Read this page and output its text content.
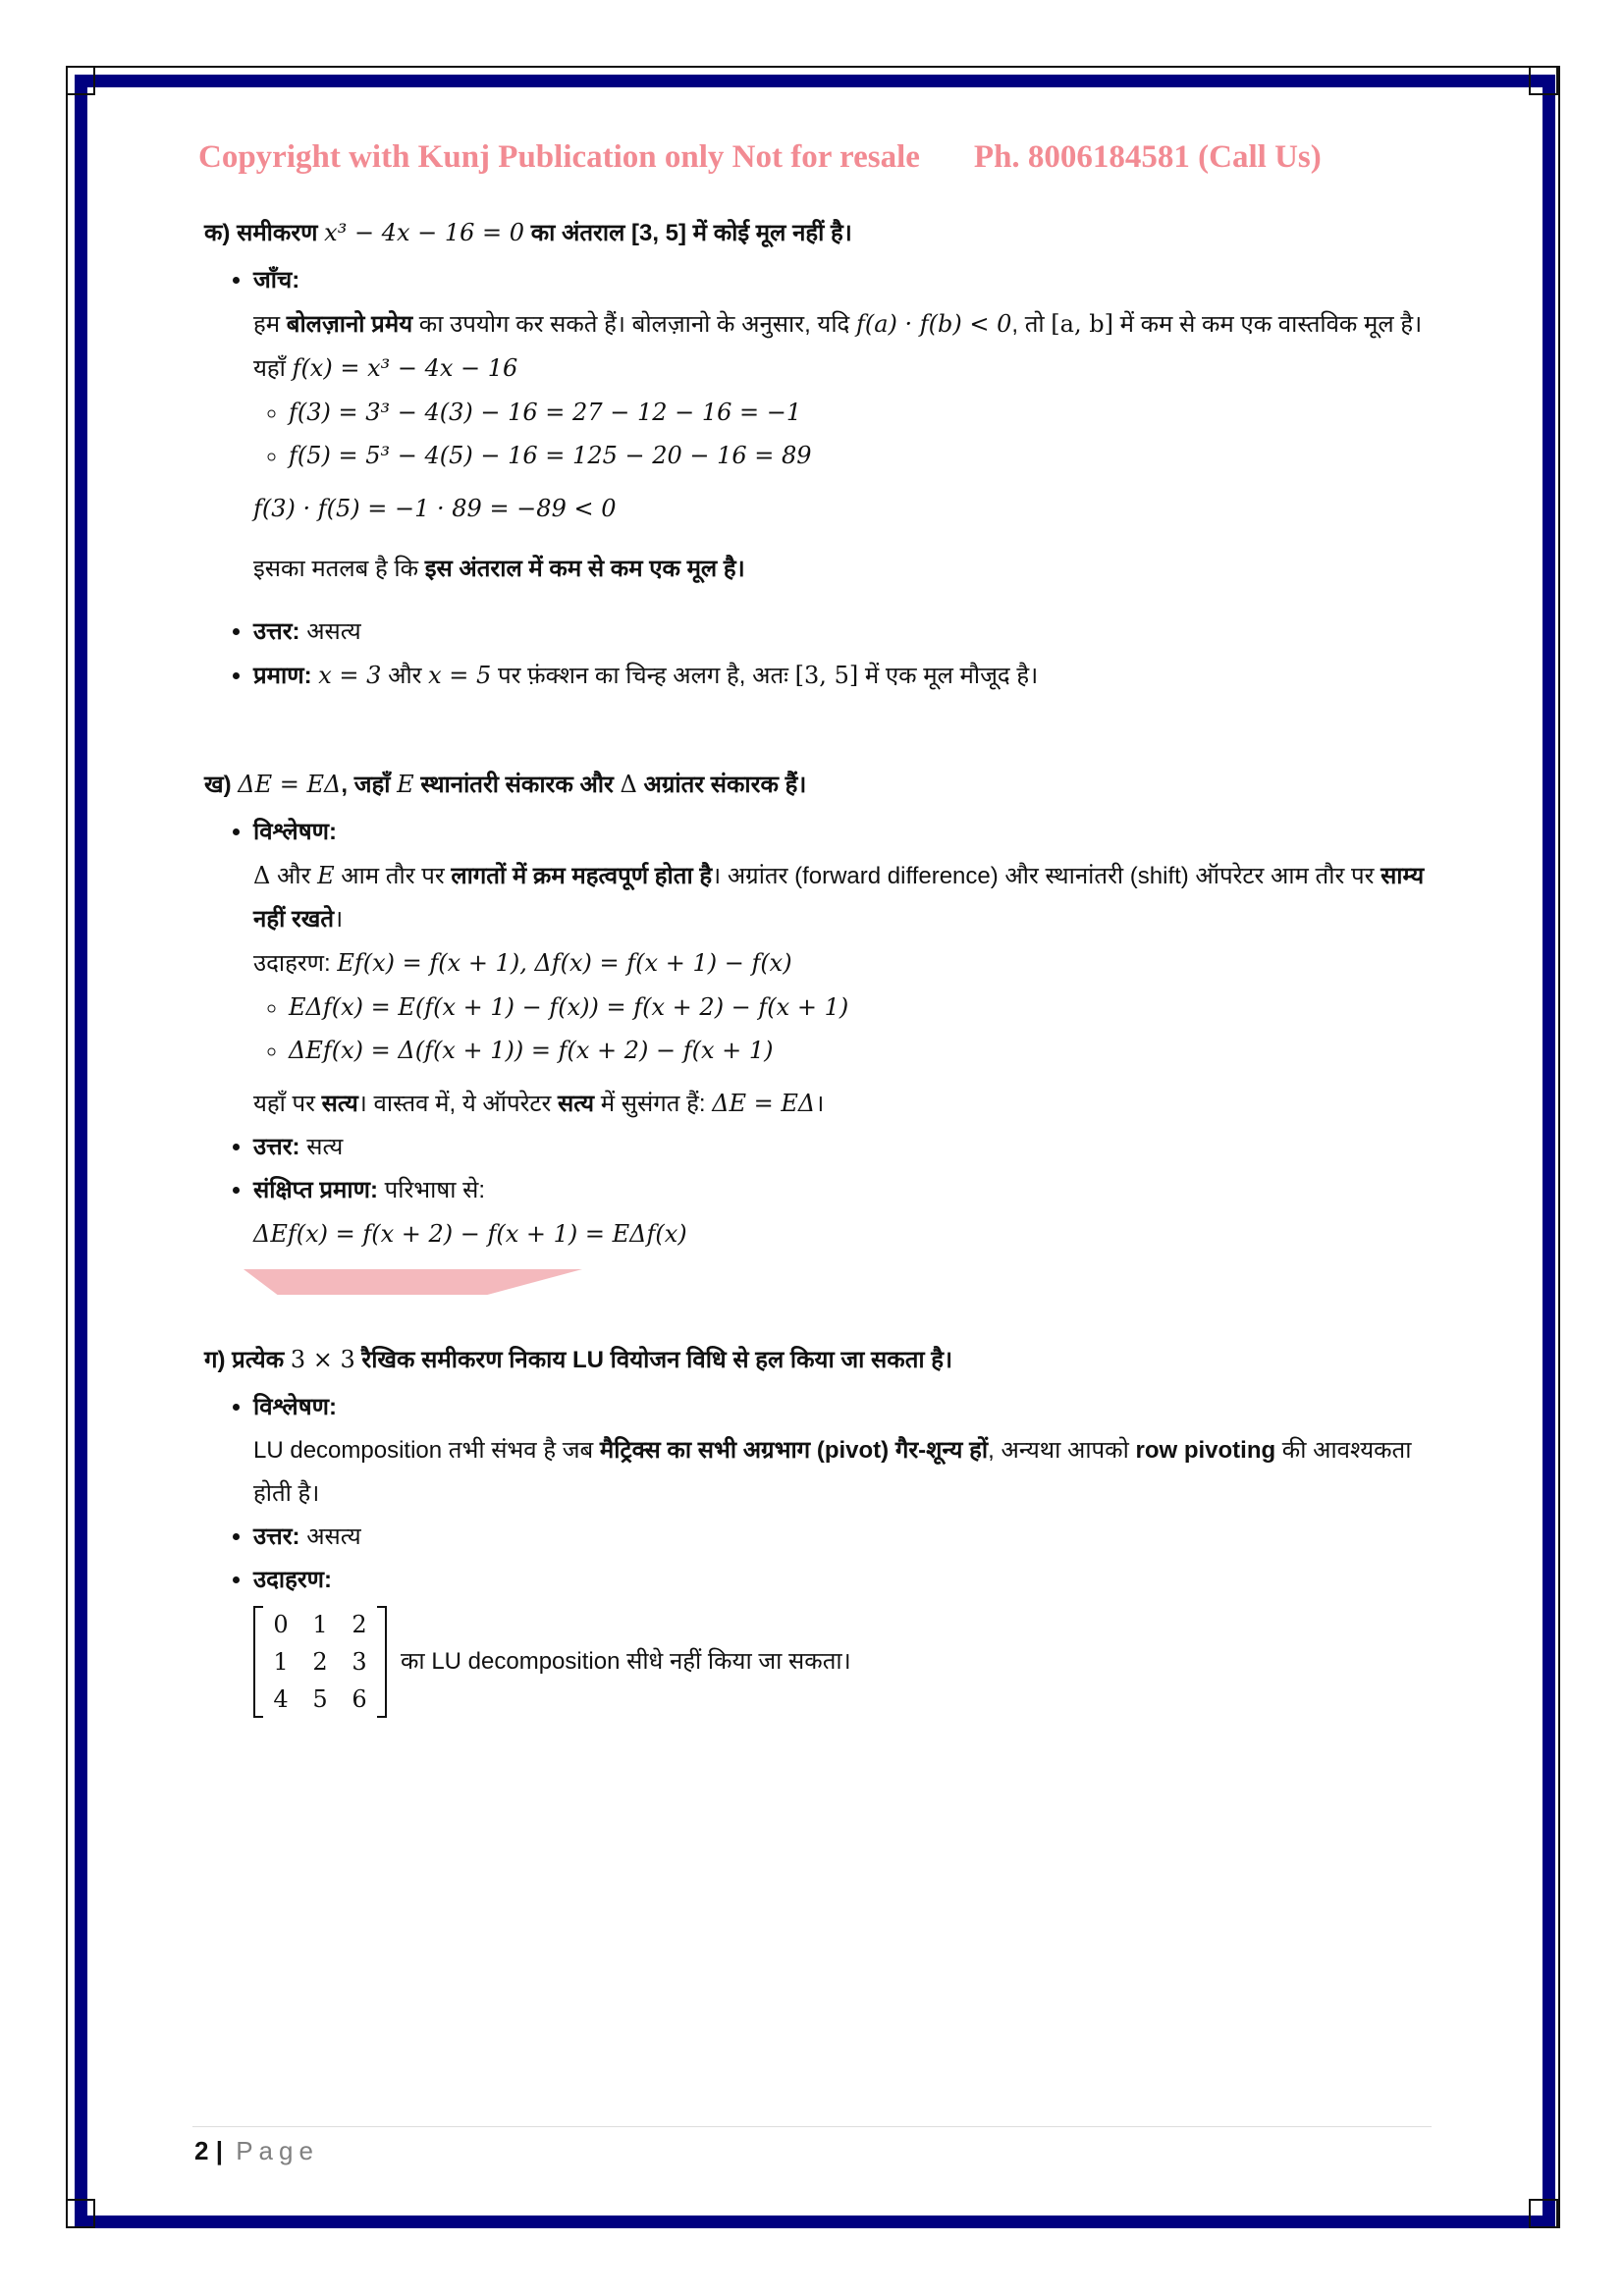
Copyright with Kunj Publication only Not for resale Ph. 8006184581 (Call Us)

क) समीकरण x³ − 4x − 16 = 0 का अंतराल [3, 5] में कोई मूल नहीं है।

• जाँच:
हम बोलज़ानो प्रमेय का उपयोग कर सकते हैं। बोलज़ानो के अनुसार, यदि f(a) · f(b) < 0, तो [a, b] में कम से कम एक वास्तविक मूल है।
यहाँ f(x) = x³ − 4x − 16
◦ f(3) = 3³ − 4(3) − 16 = 27 − 12 − 16 = −1
◦ f(5) = 5³ − 4(5) − 16 = 125 − 20 − 16 = 89
f(3) · f(5) = −1 · 89 = −89 < 0
इसका मतलब है कि इस अंतराल में कम से कम एक मूल है।
• उत्तर: असत्य
• प्रमाण: x = 3 और x = 5 पर फ़ंक्शन का चिन्ह अलग है, अतः [3, 5] में एक मूल मौजूद है।

ख) ΔE = EΔ, जहाँ E स्थानांतरी संकारक और Δ अग्रांतर संकारक हैं।

• विश्लेषण:
Δ और E आम तौर पर लागतों में क्रम महत्वपूर्ण होता है। अग्रांतर (forward difference) और स्थानांतरी (shift) ऑपरेटर आम तौर पर साम्य नहीं रखते।
उदाहरण: Ef(x) = f(x + 1), Δf(x) = f(x + 1) − f(x)
◦ EΔf(x) = E(f(x + 1) − f(x)) = f(x + 2) − f(x + 1)
◦ ΔEf(x) = Δ(f(x + 1)) = f(x + 2) − f(x + 1)
यहाँ पर सत्य। वास्तव में, ये ऑपरेटर सत्य में सुसंगत हैं: ΔE = EΔ।
• उत्तर: सत्य
• संक्षिप्त प्रमाण: परिभाषा से:
ΔEf(x) = f(x + 2) − f(x + 1) = EΔf(x)

ग) प्रत्येक 3 × 3 रैखिक समीकरण निकाय LU वियोजन विधि से हल किया जा सकता है।

• विश्लेषण:
LU decomposition तभी संभव है जब मैट्रिक्स का सभी अग्रभाग (pivot) गैर-शून्य हों, अन्यथा आपको row pivoting की आवश्यकता होती है।
• उत्तर: असत्य
• उदाहरण:
0	1	2
1	2	3
4	5	6
का LU decomposition सीधे नहीं किया जा सकता।
2 | Page
